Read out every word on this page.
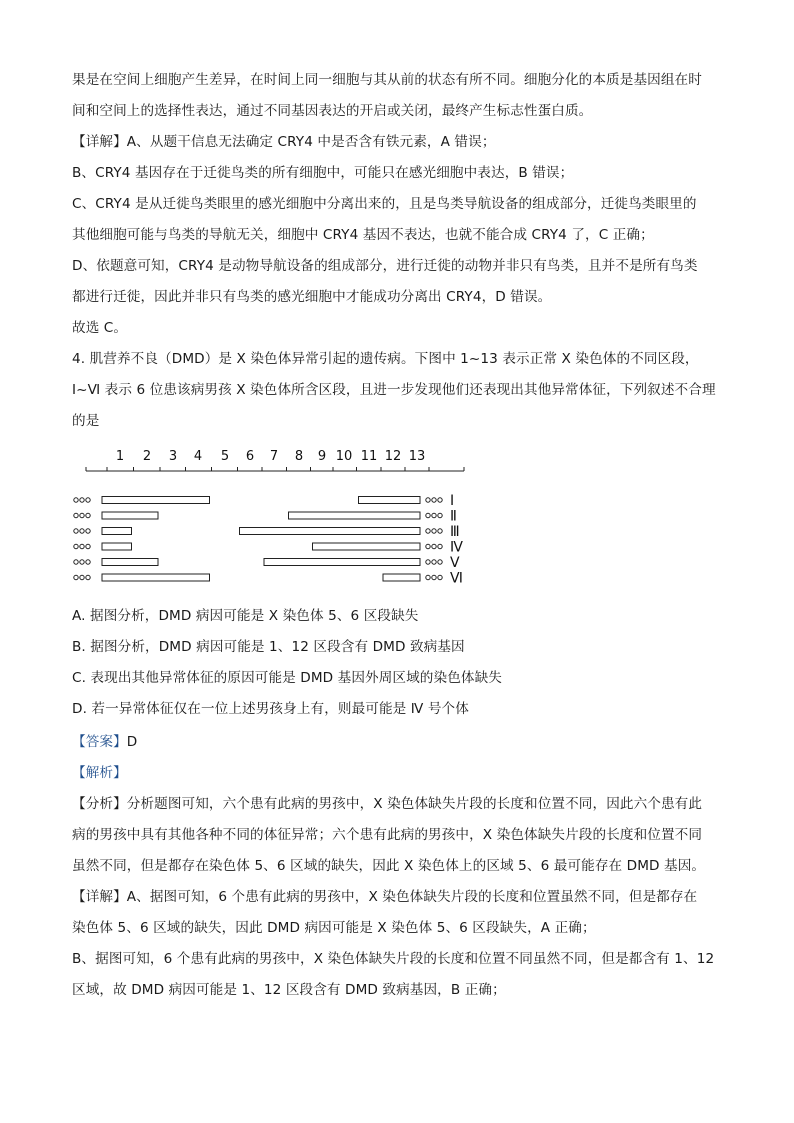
果是在空间上细胞产生差异，在时间上同一细胞与其从前的状态有所不同。细胞分化的本质是基因组在时
间和空间上的选择性表达，通过不同基因表达的开启或关闭，最终产生标志性蛋白质。
【详解】A、从题干信息无法确定 CRY4 中是否含有铁元素，A 错误；
B、CRY4 基因存在于迁徙鸟类的所有细胞中，可能只在感光细胞中表达，B 错误；
C、CRY4 是从迁徙鸟类眼里的感光细胞中分离出来的，且是鸟类导航设备的组成部分，迁徙鸟类眼里的
其他细胞可能与鸟类的导航无关，细胞中 CRY4 基因不表达，也就不能合成 CRY4 了，C 正确；
D、依题意可知，CRY4 是动物导航设备的组成部分，进行迁徙的动物并非只有鸟类，且并不是所有鸟类
都进行迁徙，因此并非只有鸟类的感光细胞中才能成功分离出 CRY4，D 错误。
故选 C。
4. 肌营养不良（DMD）是 X 染色体异常引起的遗传病。下图中 1~13 表示正常 X 染色体的不同区段，
Ⅰ~Ⅵ 表示 6 位患该病男孩 X 染色体所含区段，且进一步发现他们还表现出其他异常体征，下列叙述不合理
的是
1 2 3 4 5 6 7 8 9 10 11 12 13
Ⅰ
Ⅱ
Ⅲ
Ⅳ
Ⅴ
Ⅵ
A. 据图分析，DMD 病因可能是 X 染色体 5、6 区段缺失
B. 据图分析，DMD 病因可能是 1、12 区段含有 DMD 致病基因
C. 表现出其他异常体征的原因可能是 DMD 基因外周区域的染色体缺失
D. 若一异常体征仅在一位上述男孩身上有，则最可能是 Ⅳ 号个体
【答案】D
【解析】
【分析】分析题图可知，六个患有此病的男孩中，X 染色体缺失片段的长度和位置不同，因此六个患有此
病的男孩中具有其他各种不同的体征异常；六个患有此病的男孩中，X 染色体缺失片段的长度和位置不同
虽然不同，但是都存在染色体 5、6 区域的缺失，因此 X 染色体上的区域 5、6 最可能存在 DMD 基因。
【详解】A、据图可知，6 个患有此病的男孩中，X 染色体缺失片段的长度和位置虽然不同，但是都存在
染色体 5、6 区域的缺失，因此 DMD 病因可能是 X 染色体 5、6 区段缺失，A 正确；
B、据图可知，6 个患有此病的男孩中，X 染色体缺失片段的长度和位置不同虽然不同，但是都含有 1、12
区域，故 DMD 病因可能是 1、12 区段含有 DMD 致病基因，B 正确；
